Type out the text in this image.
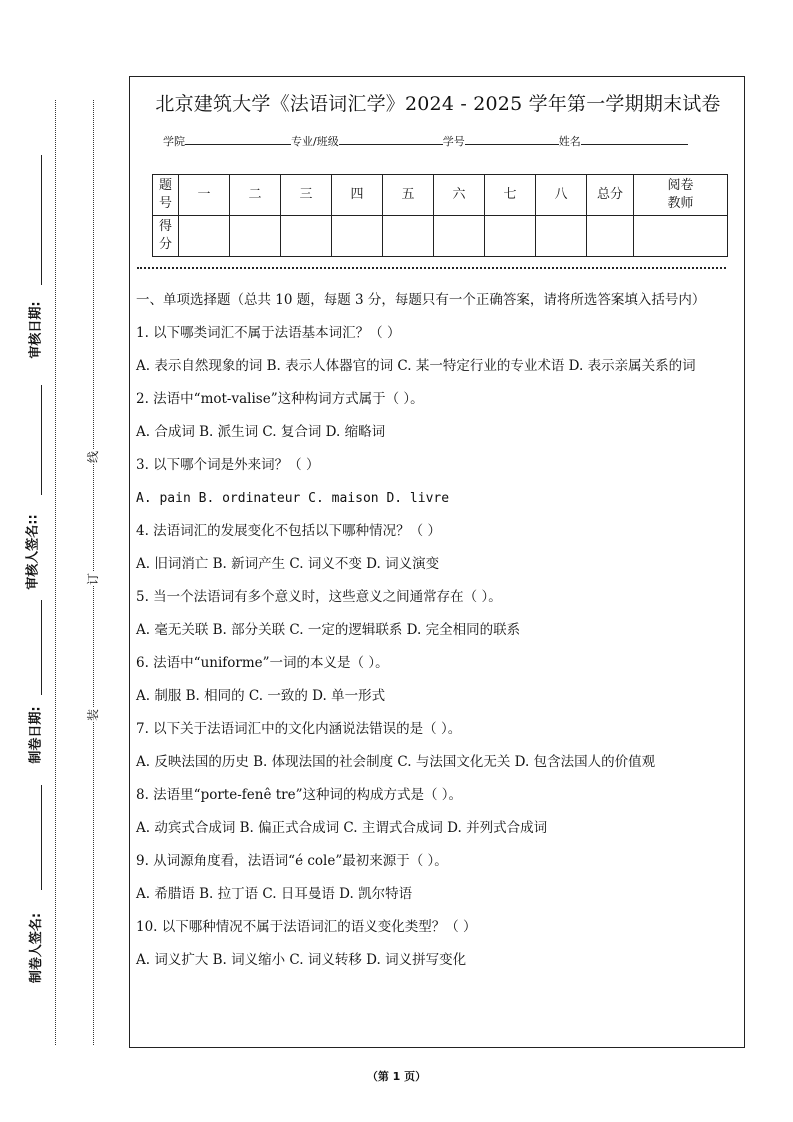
审核日期:
审核人签名::
制卷日期:
制卷人签名:
线
订
装
北京建筑大学《法语词汇学》2024 - 2025 学年第一学期期末试卷
学院	专业/班级	学号	姓名
题号	一	二	三	四	五	六	七	八	总分	阅卷
教师

得分										

一、单项选择题（总共 10 题，每题 3 分，每题只有一个正确答案，请将所选答案填入括号内）

1. 以下哪类词汇不属于法语基本词汇？（ ）
A. 表示自然现象的词 B. 表示人体器官的词 C. 某一特定行业的专业术语 D. 表示亲属关系的词
2. 法语中“mot-valise”这种构词方式属于（ ）。
A. 合成词 B. 派生词 C. 复合词 D. 缩略词
3. 以下哪个词是外来词？（ ）
A. pain B. ordinateur C. maison D. livre
4. 法语词汇的发展变化不包括以下哪种情况？（ ）
A. 旧词消亡 B. 新词产生 C. 词义不变 D. 词义演变
5. 当一个法语词有多个意义时，这些意义之间通常存在（ ）。
A. 毫无关联 B. 部分关联 C. 一定的逻辑联系 D. 完全相同的联系
6. 法语中“uniforme”一词的本义是（ ）。
A. 制服 B. 相同的 C. 一致的 D. 单一形式
7. 以下关于法语词汇中的文化内涵说法错误的是（ ）。
A. 反映法国的历史 B. 体现法国的社会制度 C. 与法国文化无关 D. 包含法国人的价值观
8. 法语里“porte-fenê tre”这种词的构成方式是（ ）。
A. 动宾式合成词 B. 偏正式合成词 C. 主谓式合成词 D. 并列式合成词
9. 从词源角度看，法语词“é cole”最初来源于（ ）。
A. 希腊语 B. 拉丁语 C. 日耳曼语 D. 凯尔特语
10. 以下哪种情况不属于法语词汇的语义变化类型？（ ）
A. 词义扩大 B. 词义缩小 C. 词义转移 D. 词义拼写变化
（第 1 页）
